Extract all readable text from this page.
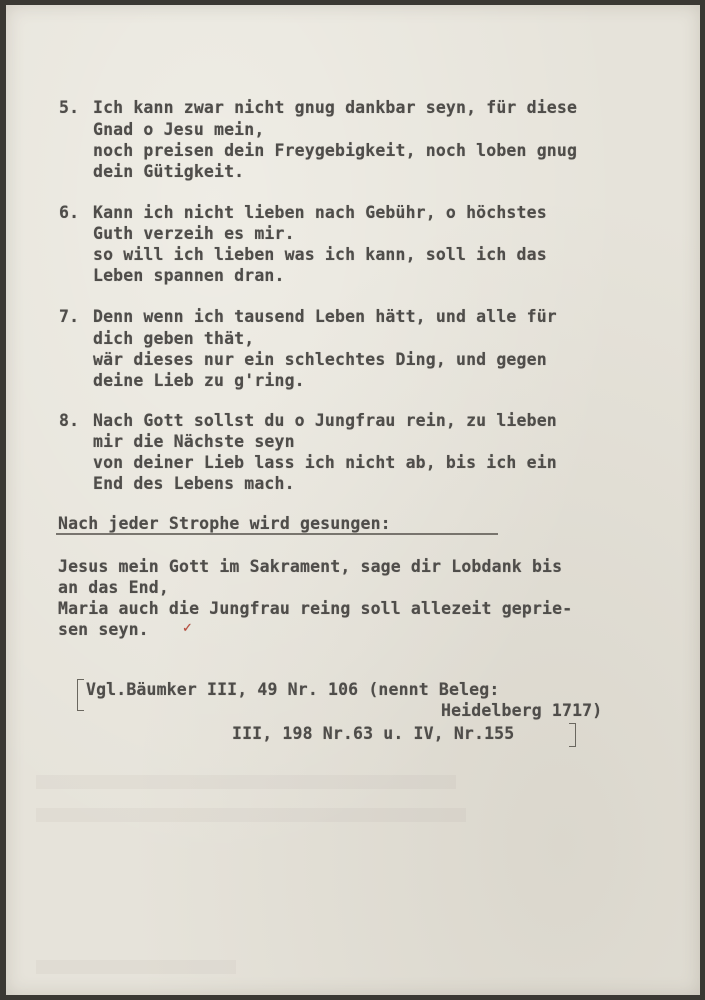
5. Ich kann zwar nicht gnug dankbar seyn, für diese
Gnad o Jesu mein,
noch preisen dein Freygebigkeit, noch loben gnug
dein Gütigkeit.
6. Kann ich nicht lieben nach Gebühr, o höchstes
Guth verzeih es mir.
so will ich lieben was ich kann, soll ich das
Leben spannen dran.
7. Denn wenn ich tausend Leben hätt, und alle für
dich geben thät,
wär dieses nur ein schlechtes Ding, und gegen
deine Lieb zu g'ring.
8. Nach Gott sollst du o Jungfrau rein, zu lieben
mir die Nächste seyn
von deiner Lieb lass ich nicht ab, bis ich ein
End des Lebens mach.
Nach jeder Strophe wird gesungen:
Jesus mein Gott im Sakrament, sage dir Lobdank bis
an das End,
Maria auch die Jungfrau reing soll allezeit geprie-
sen seyn.	✓
Vgl.Bäumker III, 49 Nr. 106 (nennt Beleg:
Heidelberg 1717)
III, 198 Nr.63 u. IV, Nr.155
